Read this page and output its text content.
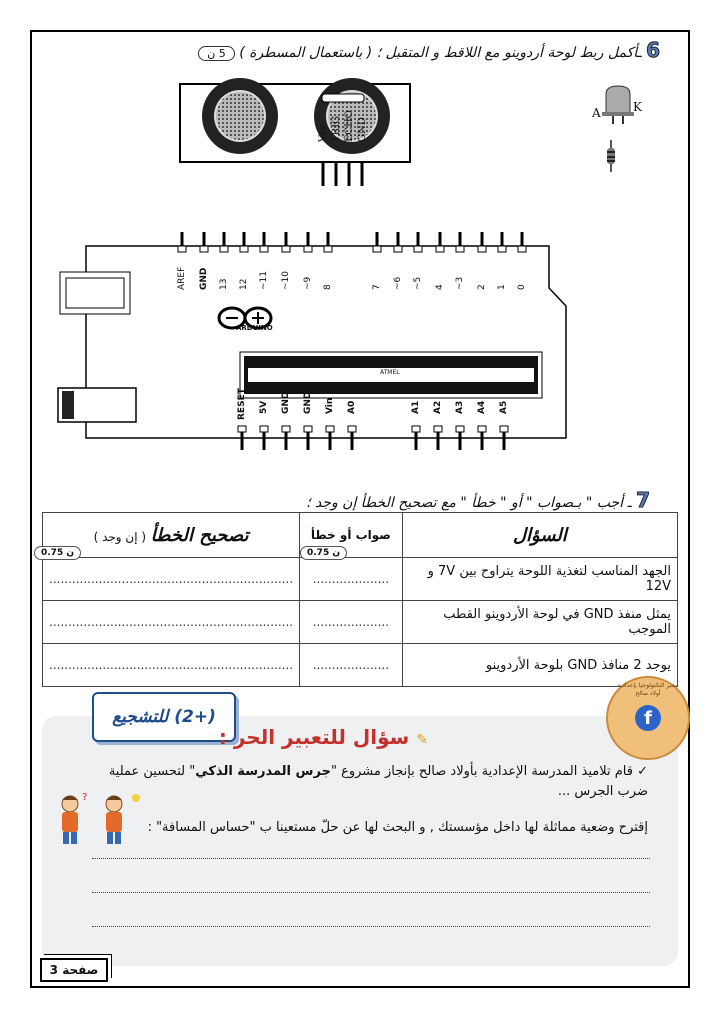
6 ـأكمل ربط لوحة أردوينو مع اللاقط و المتقبل ؛ ( باستعمال المسطرة ) 5 ن
Vcc TRIG ECHO GND
A	K
ARDUINO
ATMEL
AREF GND 13 12 ~11 ~10 ~9 8	7 ~6 ~5 4 ~3 2 1 0
RESET 5V GND GND Vin A0	A1 A2 A3 A4 A5
7 ـ أجب " بـصواب " أو " خطأ " مع تصحيح الخطأ إن وجد ؛
السؤال	صواب أو خطأ	تصحيح الخطأ ( إن وجد )
الجهد المناسب لتغذية اللوحة يتراوح بين 7V و 12V	....................	................................................................
يمثل منفذ GND في لوحة الأردوينو القطب الموجب	....................	................................................................
يوجد 2 منافذ GND بلوحة الأردوينو	....................	................................................................
0.75 ن	0.75 ن
(+2) للتشجيع	f
مخبر التكنولوجيا بإعدادية أولاد صالح
✎ سؤال للتعبير الحر :
✓ قام تلاميذ المدرسة الإعدادية بأولاد صالح بإنجاز مشروع "جرس المدرسة الذكي" لتحسين عملية ضرب الجرس ...
إقترح وضعية مماثلة لها داخل مؤسستك , و البحث لها عن حلّ مستعينا ب "حساس المسافة" :
?
صفحة 3
